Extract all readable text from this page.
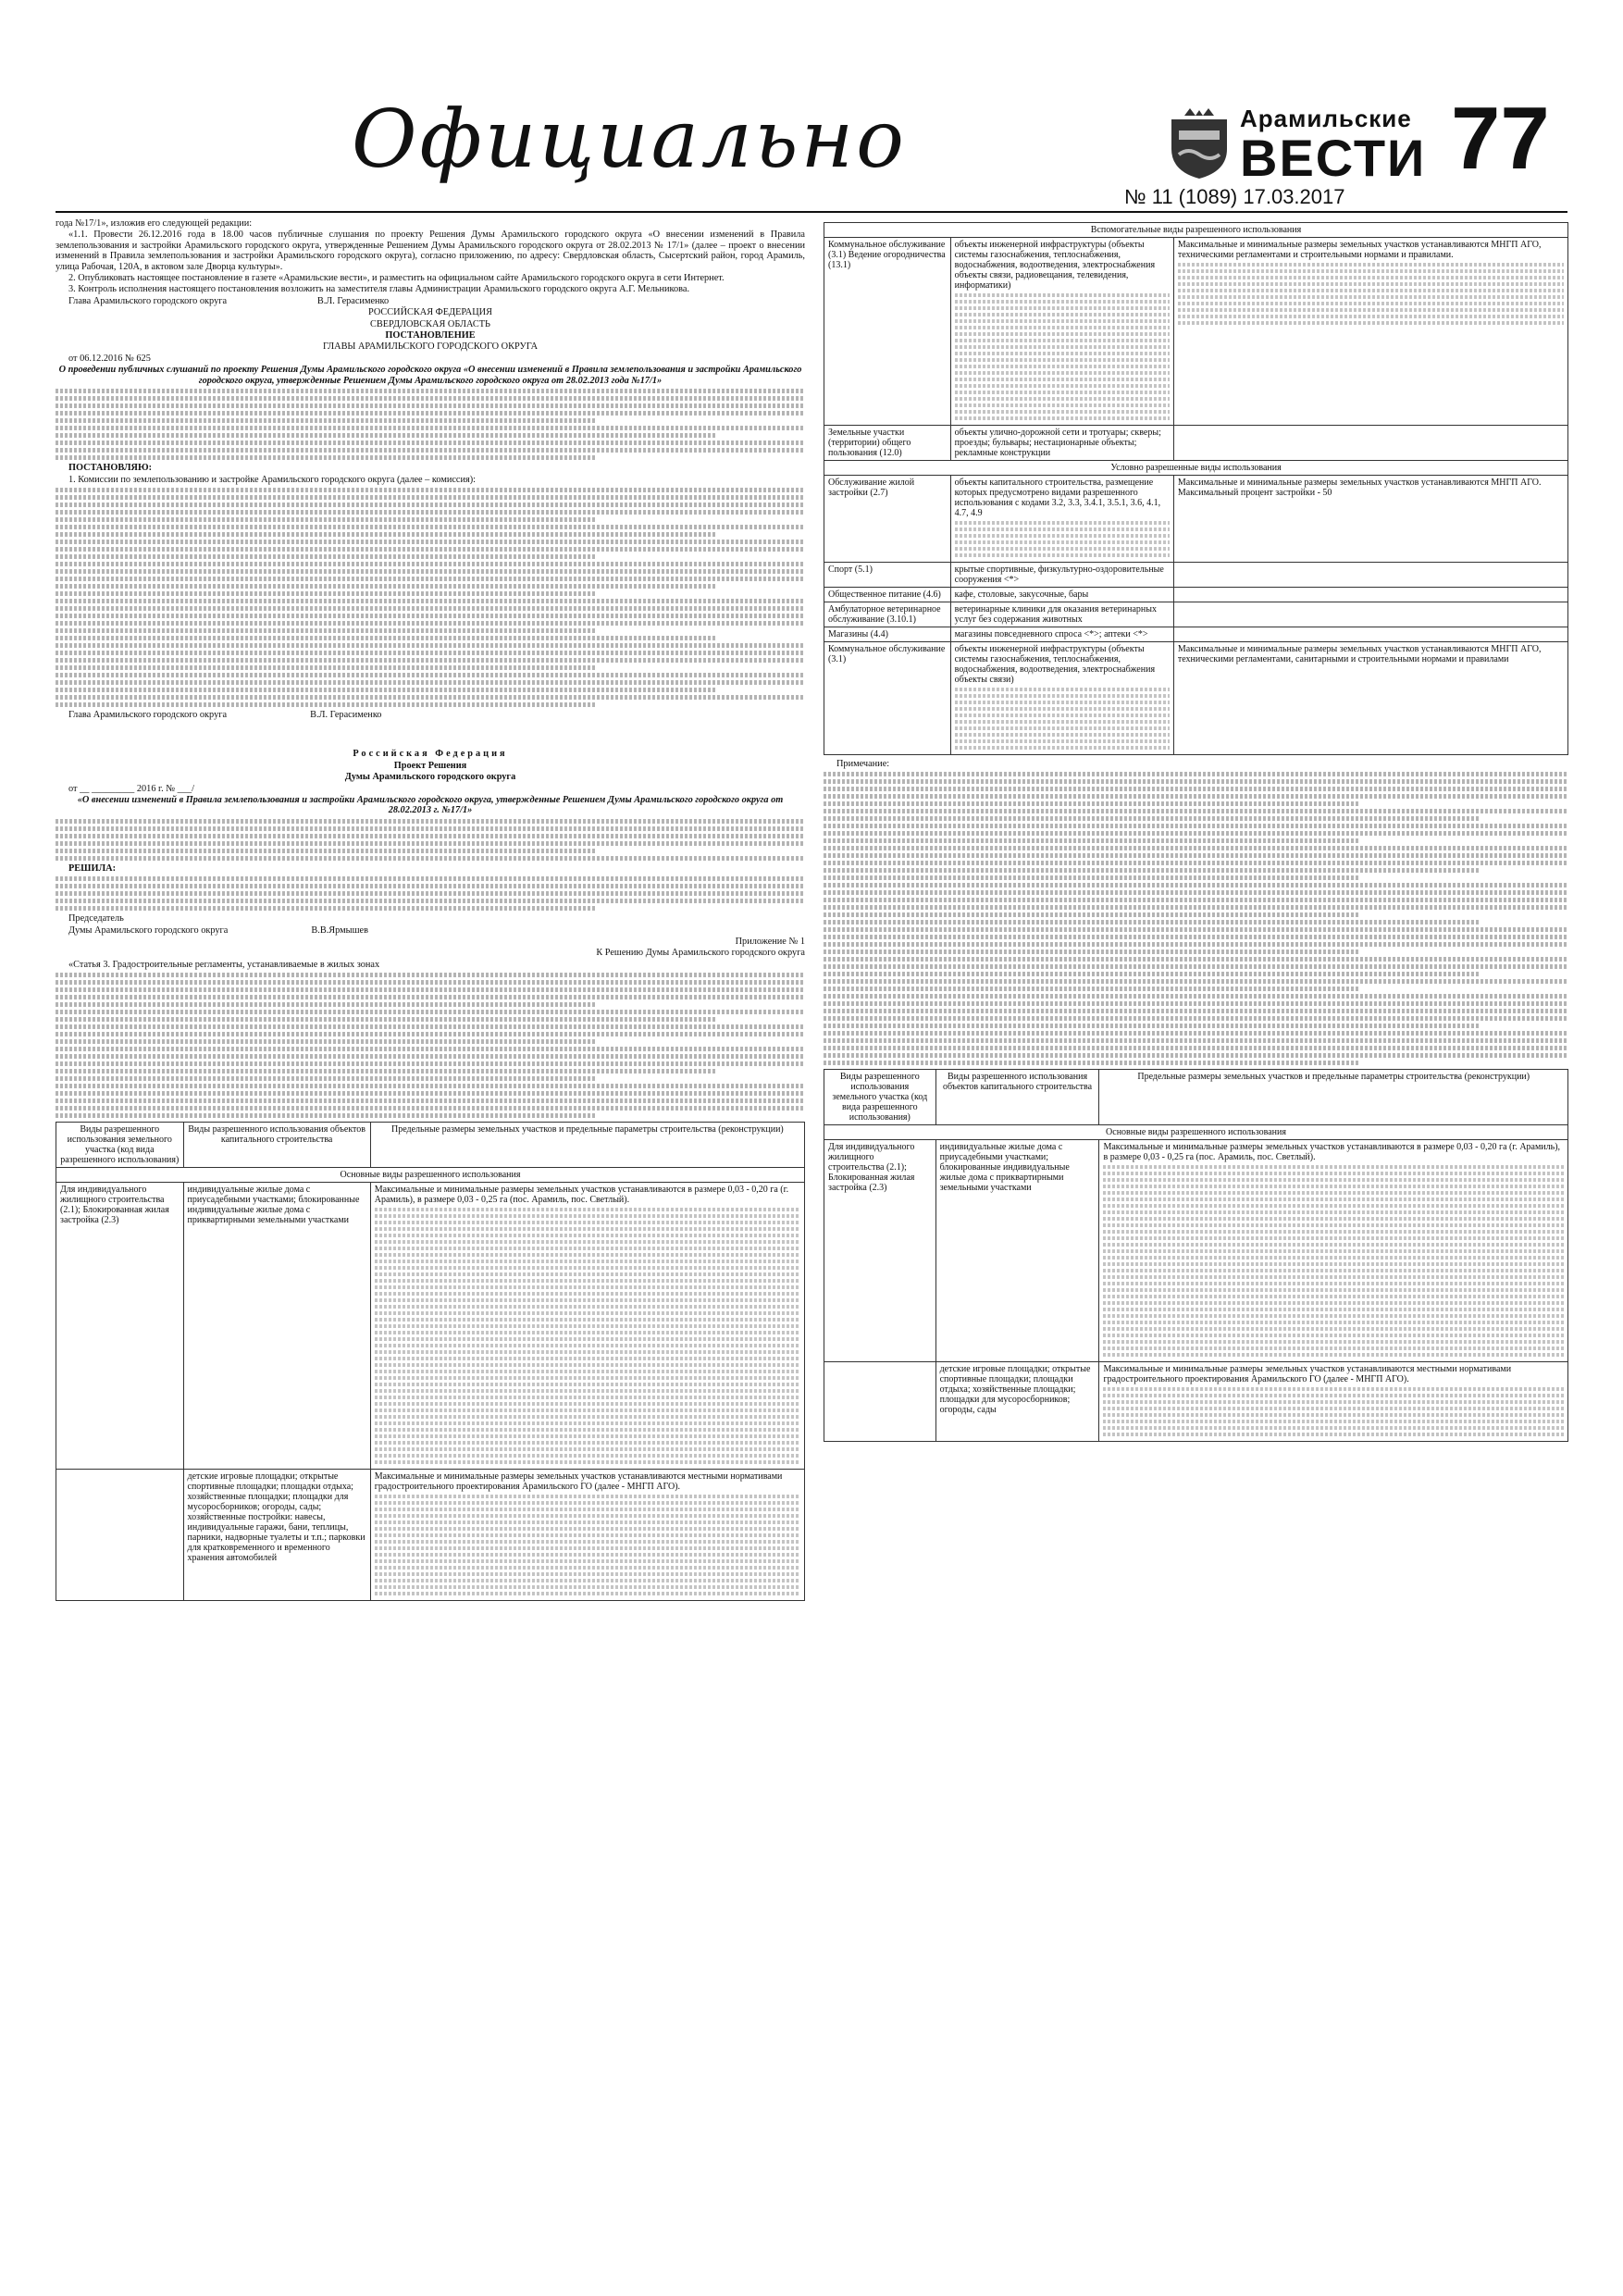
Официально	Арамильские
ВЕСТИ 77
№ 11 (1089) 17.03.2017

года №17/1», изложив его следующей редакции:

«1.1. Провести 26.12.2016 года в 18.00 часов публичные слушания по проекту Решения Думы Арамильского городского округа «О внесении изменений в Правила землепользования и застройки Арамильского городского округа, утвержденные Решением Думы Арамильского городского округа от 28.02.2013 № 17/1» (далее – проект о внесении изменений в Правила землепользования и застройки Арамильского городского округа), согласно приложению, по адресу: Свердловская область, Сысертский район, город Арамиль, улица Рабочая, 120А, в актовом зале Дворца культуры».

2. Опубликовать настоящее постановление в газете «Арамильские вести», и разместить на официальном сайте Арамильского городского округа в сети Интернет.

3. Контроль исполнения настоящего постановления возложить на заместителя главы Администрации Арамильского городского округа А.Г. Мельникова.

Глава Арамильского городского округа                                      В.Л. Герасименко

РОССИЙСКАЯ ФЕДЕРАЦИЯ

СВЕРДЛОВСКАЯ ОБЛАСТЬ

ПОСТАНОВЛЕНИЕ

ГЛАВЫ АРАМИЛЬСКОГО ГОРОДСКОГО ОКРУГА

от 06.12.2016 № 625

О проведении публичных слушаний по проекту Решения Думы Арамильского городского округа «О внесении изменений в Правила землепользования и застройки Арамильского городского округа, утвержденные Решением Думы Арамильского городского округа от 28.02.2013 года №17/1»

ПОСТАНОВЛЯЮ:

1. Комиссии по землепользованию и застройке Арамильского городского округа (далее – комиссия):

Глава Арамильского городского округа                                   В.Л. Герасименко

Российская Федерация

Проект Решения

Думы Арамильского городского округа

от __ _________ 2016 г. № ___/

«О внесении изменений в Правила землепользования и застройки Арамильского городского округа, утвержденные Решением Думы Арамильского городского округа от 28.02.2013 г. №17/1»

РЕШИЛА:

Председатель

Думы Арамильского городского округа                                   В.В.Ярмышев

Приложение № 1

К Решению Думы Арамильского городского округа

«Статья 3. Градостроительные регламенты, устанавливаемые в жилых зонах

Виды разрешенного использования земельного участка (код вида разрешенного использования)	Виды разрешенного использования объектов капитального строительства	Предельные размеры земельных участков и предельные параметры строительства (реконструкции)
Основные виды разрешенного использования		
Для индивидуального жилищного строительства (2.1); Блокированная жилая застройка (2.3)	индивидуальные жилые дома с приусадебными участками; блокированные индивидуальные жилые дома с приквартирными земельными участками	Максимальные и минимальные размеры земельных участков устанавливаются в размере 0,03 - 0,20 га (г. Арамиль), в размере 0,03 - 0,25 га (пос. Арамиль, пос. Светлый).

	детские игровые площадки; открытые спортивные площадки; площадки отдыха; хозяйственные площадки; площадки для мусоросборников; огороды, сады; хозяйственные постройки: навесы, индивидуальные гаражи, бани, теплицы, парники, надворные туалеты и т.п.; парковки для кратковременного и временного хранения автомобилей	Максимальные и минимальные размеры земельных участков устанавливаются местными нормативами градостроительного проектирования Арамильского ГО (далее - МНГП АГО).
Вспомогательные виды разрешенного использования		
Коммунальное обслуживание (3.1) Ведение огородничества (13.1)	объекты инженерной инфраструктуры (объекты системы газоснабжения, теплоснабжения, водоснабжения, водоотведения, электроснабжения объекты связи, радиовещания, телевидения, информатики)	Максимальные и минимальные размеры земельных участков устанавливаются МНГП АГО, техническими регламентами и строительными нормами и правилами.

Земельные участки (территории) общего пользования (12.0)	объекты улично-дорожной сети и тротуары; скверы; проезды; бульвары; нестационарные объекты; рекламные конструкции	
Условно разрешенные виды использования		
Обслуживание жилой застройки (2.7)	объекты капитального строительства, размещение которых предусмотрено видами разрешенного использования с кодами 3.2, 3.3, 3.4.1, 3.5.1, 3.6, 4.1, 4.7, 4.9	Максимальные и минимальные размеры земельных участков устанавливаются МНГП АГО. Максимальный процент застройки - 50
Спорт (5.1)	крытые спортивные, физкультурно-оздоровительные сооружения <*>	
Общественное питание (4.6)	кафе, столовые, закусочные, бары	
Амбулаторное ветеринарное обслуживание (3.10.1)	ветеринарные клиники для оказания ветеринарных услуг без содержания животных	
Магазины (4.4)	магазины повседневного спроса <*>; аптеки <*>	
Коммунальное обслуживание (3.1)	объекты инженерной инфраструктуры (объекты системы газоснабжения, теплоснабжения, водоснабжения, водоотведения, электроснабжения объекты связи)	Максимальные и минимальные размеры земельных участков устанавливаются МНГП АГО, техническими регламентами, санитарными и строительными нормами и правилами

Примечание:

Виды разрешенного использования земельного участка (код вида разрешенного использования)	Виды разрешенного использования объектов капитального строительства	Предельные размеры земельных участков и предельные параметры строительства (реконструкции)
Основные виды разрешенного использования		
Для индивидуального жилищного строительства (2.1); Блокированная жилая застройка (2.3)	индивидуальные жилые дома с приусадебными участками; блокированные индивидуальные жилые дома с приквартирными земельными участками	Максимальные и минимальные размеры земельных участков устанавливаются в размере 0,03 - 0,20 га (г. Арамиль), в размере 0,03 - 0,25 га (пос. Арамиль, пос. Светлый).

	детские игровые площадки; открытые спортивные площадки; площадки отдыха; хозяйственные площадки; площадки для мусоросборников; огороды, сады	Максимальные и минимальные размеры земельных участков устанавливаются местными нормативами градостроительного проектирования Арамильского ГО (далее - МНГП АГО).
